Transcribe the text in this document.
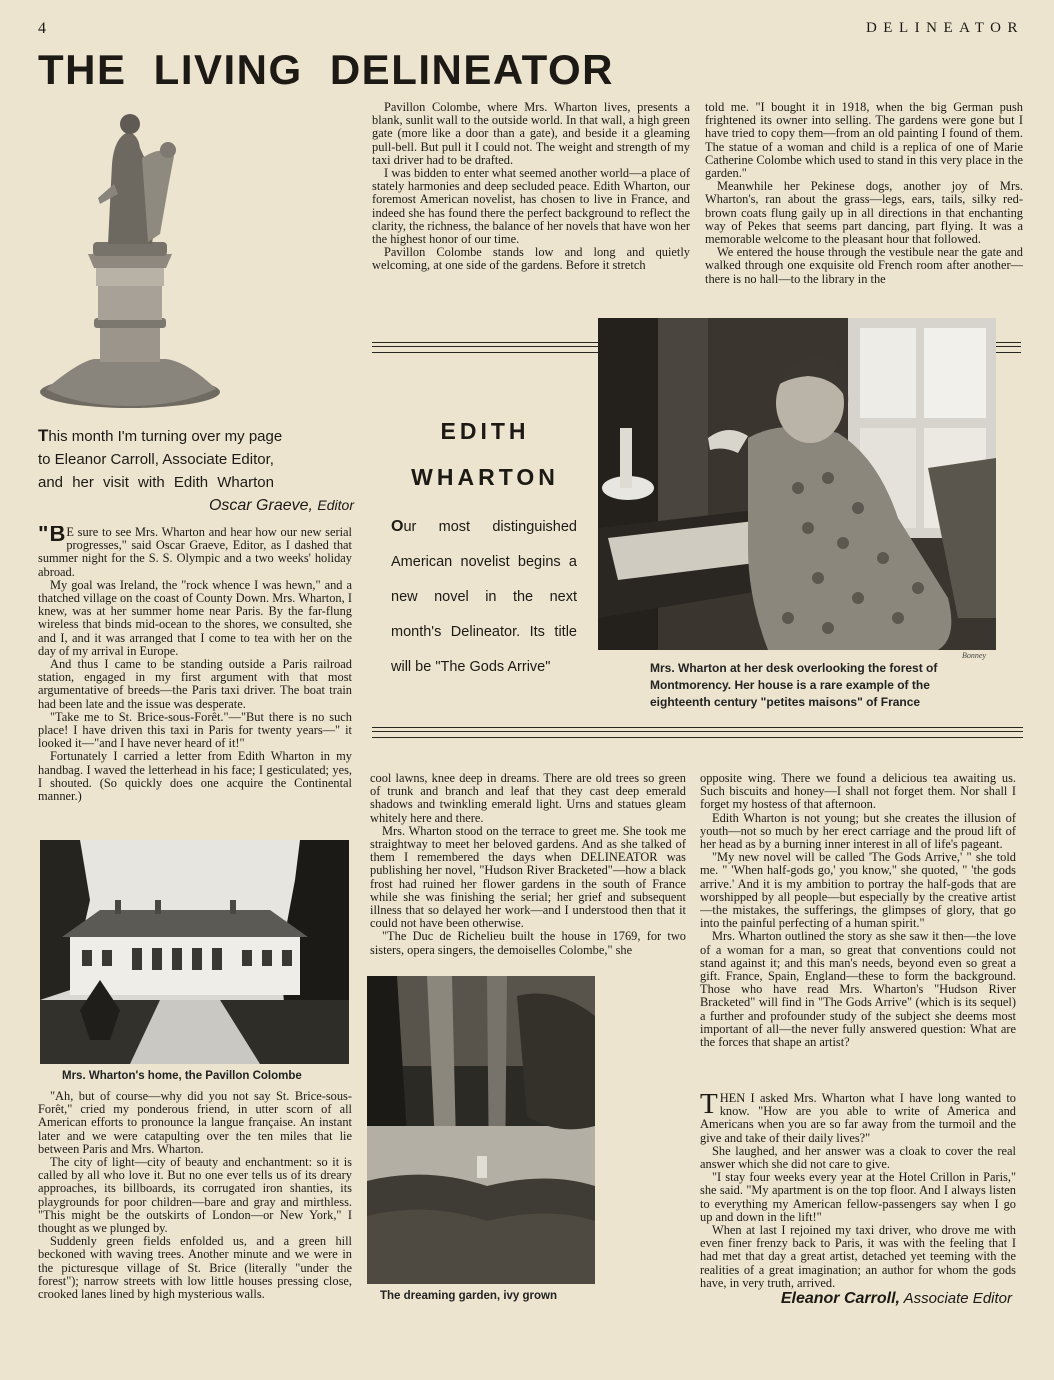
4	DELINEATOR
THE LIVING DELINEATOR
This month I'm turning over my page
to Eleanor Carroll, Associate Editor,
and her visit with Edith Wharton
Oscar Graeve, Editor

" B E sure to see Mrs. Wharton and hear how our new serial progresses," said Oscar Graeve, Editor, as I dashed that summer night for the S. S. Olympic and a two weeks' holiday abroad.

My goal was Ireland, the "rock whence I was hewn," and a thatched village on the coast of County Down. Mrs. Wharton, I knew, was at her summer home near Paris. By the far-flung wireless that binds mid-ocean to the shores, we consulted, she and I, and it was arranged that I come to tea with her on the day of my arrival in Europe.

And thus I came to be standing outside a Paris railroad station, engaged in my first argument with that most argumentative of breeds—the Paris taxi driver. The boat train had been late and the issue was desperate.

"Take me to St. Brice-sous-Forêt."—"But there is no such place! I have driven this taxi in Paris for twenty years—" it looked it—"and I have never heard of it!"

Fortunately I carried a letter from Edith Wharton in my handbag. I waved the letterhead in his face; I gesticulated; yes, I shouted. (So quickly does one acquire the Continental manner.)

Mrs. Wharton's home, the Pavillon Colombe

"Ah, but of course—why did you not say St. Brice-sous-Forêt," cried my ponderous friend, in utter scorn of all American efforts to pronounce la langue française. An instant later and we were catapulting over the ten miles that lie between Paris and Mrs. Wharton.

The city of light—city of beauty and enchantment: so it is called by all who love it. But no one ever tells us of its dreary approaches, its billboards, its corrugated iron shanties, its playgrounds for poor children—bare and gray and mirthless. "This might be the outskirts of London—or New York," I thought as we plunged by.

Suddenly green fields enfolded us, and a green hill beckoned with waving trees. Another minute and we were in the picturesque village of St. Brice (literally "under the forest"); narrow streets with low little houses pressing close, crooked lanes lined by high mysterious walls.

Pavillon Colombe, where Mrs. Wharton lives, presents a blank, sunlit wall to the outside world. In that wall, a high green gate (more like a door than a gate), and beside it a gleaming pull-bell. But pull it I could not. The weight and strength of my taxi driver had to be drafted.

I was bidden to enter what seemed another world—a place of stately harmonies and deep secluded peace. Edith Wharton, our foremost American novelist, has chosen to live in France, and indeed she has found there the perfect background to reflect the clarity, the richness, the balance of her novels that have won her the highest honor of our time.

Pavillon Colombe stands low and long and quietly welcoming, at one side of the gardens. Before it stretch

told me. "I bought it in 1918, when the big German push frightened its owner into selling. The gardens were gone but I have tried to copy them—from an old painting I found of them. The statue of a woman and child is a replica of one of Marie Catherine Colombe which used to stand in this very place in the garden."

Meanwhile her Pekinese dogs, another joy of Mrs. Wharton's, ran about the grass—legs, ears, tails, silky red-brown coats flung gaily up in all directions in that enchanting way of Pekes that seems part dancing, part flying. It was a memorable welcome to the pleasant hour that followed.

We entered the house through the vestibule near the gate and walked through one exquisite old French room after another—there is no hall—to the library in the

EDITH
WHARTON
Our most distinguished American novelist begins a new novel in the next month's Delineator. Its title will be "The Gods Arrive"
Bonney
Mrs. Wharton at her desk overlooking the forest of Montmorency. Her house is a rare example of the eighteenth century "petites maisons" of France

cool lawns, knee deep in dreams. There are old trees so green of trunk and branch and leaf that they cast deep emerald shadows and twinkling emerald light. Urns and statues gleam whitely here and there.

Mrs. Wharton stood on the terrace to greet me. She took me straightway to meet her beloved gardens. And as she talked of them I remembered the days when DELINEATOR was publishing her novel, "Hudson River Bracketed"—how a black frost had ruined her flower gardens in the south of France while she was finishing the serial; her grief and subsequent illness that so delayed her work—and I understood then that it could not have been otherwise.

"The Duc de Richelieu built the house in 1769, for two sisters, opera singers, the demoiselles Colombe," she

The dreaming garden, ivy grown

opposite wing. There we found a delicious tea awaiting us. Such biscuits and honey—I shall not forget them. Nor shall I forget my hostess of that afternoon.

Edith Wharton is not young; but she creates the illusion of youth—not so much by her erect carriage and the proud lift of her head as by a burning inner interest in all of life's pageant.

"My new novel will be called 'The Gods Arrive,' " she told me. " 'When half-gods go,' you know," she quoted, " 'the gods arrive.' And it is my ambition to portray the half-gods that are worshipped by all people—but especially by the creative artist—the mistakes, the sufferings, the glimpses of glory, that go into the painful perfecting of a human spirit."

Mrs. Wharton outlined the story as she saw it then—the love of a woman for a man, so great that conventions could not stand against it; and this man's needs, beyond even so great a gift. France, Spain, England—these to form the background. Those who have read Mrs. Wharton's "Hudson River Bracketed" will find in "The Gods Arrive" (which is its sequel) a further and profounder study of the subject she deems most important of all—the never fully answered question: What are the forces that shape an artist?

THEN I asked Mrs. Wharton what I have long wanted to know. "How are you able to write of America and Americans when you are so far away from the turmoil and the give and take of their daily lives?"

She laughed, and her answer was a cloak to cover the real answer which she did not care to give.

"I stay four weeks every year at the Hotel Crillon in Paris," she said. "My apartment is on the top floor. And I always listen to everything my American fellow-passengers say when I go up and down in the lift!"

When at last I rejoined my taxi driver, who drove me with even finer frenzy back to Paris, it was with the feeling that I had met that day a great artist, detached yet teeming with the realities of a great imagination; an author for whom the gods have, in very truth, arrived.

Eleanor Carroll, Associate Editor
